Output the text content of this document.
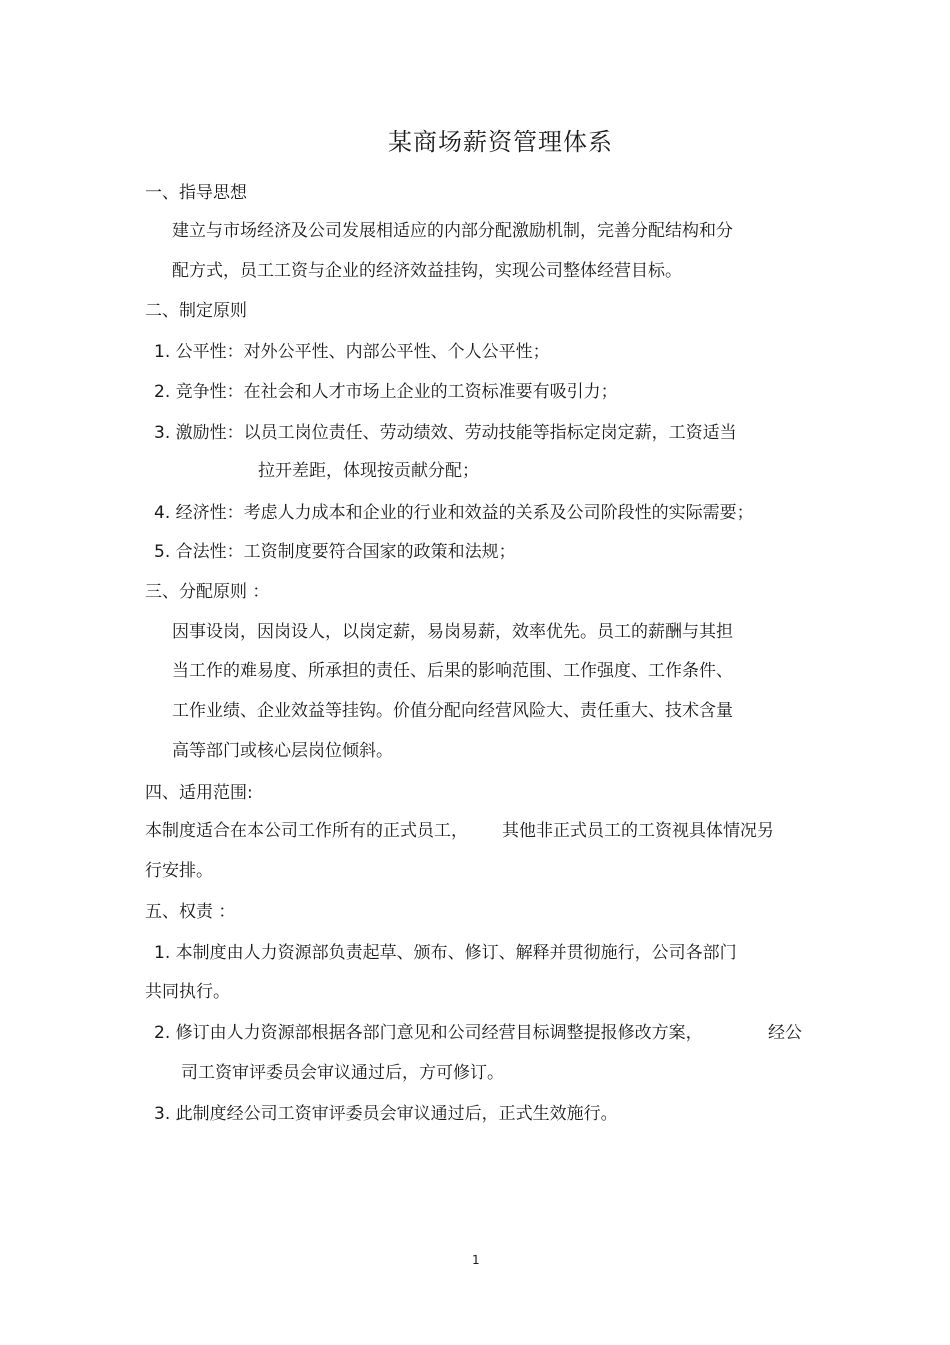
某商场薪资管理体系
一、指导思想
建立与市场经济及公司发展相适应的内部分配激励机制，完善分配结构和分
配方式，员工工资与企业的经济效益挂钩，实现公司整体经营目标。
二、制定原则
1. 公平性：对外公平性、内部公平性、个人公平性；
2. 竞争性：在社会和人才市场上企业的工资标准要有吸引力；
3. 激励性：以员工岗位责任、劳动绩效、劳动技能等指标定岗定薪，工资适当
拉开差距，体现按贡献分配；
4. 经济性：考虑人力成本和企业的行业和效益的关系及公司阶段性的实际需要；
5. 合法性：工资制度要符合国家的政策和法规；
三、分配原则 ：
因事设岗，因岗设人，以岗定薪，易岗易薪，效率优先。员工的薪酬与其担
当工作的难易度、所承担的责任、后果的影响范围、工作强度、工作条件、
工作业绩、企业效益等挂钩。价值分配向经营风险大、责任重大、技术含量
高等部门或核心层岗位倾斜。
四、适用范围:
本制度适合在本公司工作所有的正式员工， 其他非正式员工的工资视具体情况另
行安排。
五、权责 ：
1. 本制度由人力资源部负责起草、颁布、修订、解释并贯彻施行，公司各部门
共同执行。
2. 修订由人力资源部根据各部门意见和公司经营目标调整提报修改方案，	经公
司工资审评委员会审议通过后，方可修订。
3. 此制度经公司工资审评委员会审议通过后，正式生效施行。
1
